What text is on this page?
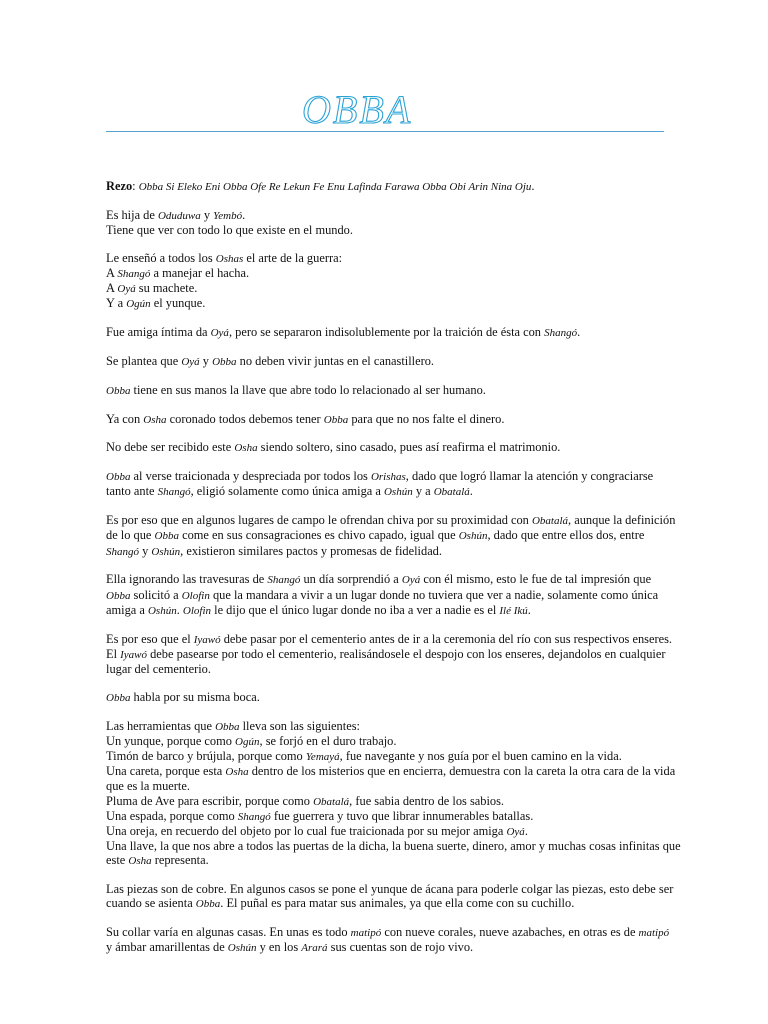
OBBA

Rezo: Obba Si Eleko Eni Obba Ofe Re Lekun Fe Enu Lafinda Farawa Obba Obi Arin Nina Oju.

Es hija de Oduduwa y Yembó.
Tiene que ver con todo lo que existe en el mundo.

Le enseñó a todos los Oshas el arte de la guerra:
A Shangó a manejar el hacha.
A Oyá su machete.
Y a Ogún el yunque.

Fue amiga íntima da Oyá, pero se separaron indisolublemente por la traición de ésta con Shangó.

Se plantea que Oyá y Obba no deben vivir juntas en el canastillero.

Obba tiene en sus manos la llave que abre todo lo relacionado al ser humano.

Ya con Osha coronado todos debemos tener Obba para que no nos falte el dinero.

No debe ser recibido este Osha siendo soltero, sino casado, pues así reafirma el matrimonio.

Obba al verse traicionada y despreciada por todos los Orishas, dado que logró llamar la atención y congraciarse
tanto ante Shangó, eligió solamente como única amiga a Oshún y a Obatalá.

Es por eso que en algunos lugares de campo le ofrendan chiva por su proximidad con Obatalá, aunque la definición
de lo que Obba come en sus consagraciones es chivo capado, igual que Oshún, dado que entre ellos dos, entre
Shangó y Oshún, existieron similares pactos y promesas de fidelidad.

Ella ignorando las travesuras de Shangó un día sorprendió a Oyá con él mismo, esto le fue de tal impresión que
Obba solicitó a Olofin que la mandara a vivir a un lugar donde no tuviera que ver a nadie, solamente como única
amiga a Oshún. Olofin le dijo que el único lugar donde no iba a ver a nadie es el Ilé Ikú.

Es por eso que el Iyawó debe pasar por el cementerio antes de ir a la ceremonia del río con sus respectivos enseres.
El Iyawó debe pasearse por todo el cementerio, realisándosele el despojo con los enseres, dejandolos en cualquier
lugar del cementerio.

Obba habla por su misma boca.

Las herramientas que Obba lleva son las siguientes:
Un yunque, porque como Ogún, se forjó en el duro trabajo.
Timón de barco y brújula, porque como Yemayá, fue navegante y nos guía por el buen camino en la vida.
Una careta, porque esta Osha dentro de los misterios que en encierra, demuestra con la careta la otra cara de la vida
que es la muerte.
Pluma de Ave para escribir, porque como Obatalá, fue sabia dentro de los sabios.
Una espada, porque como Shangó fue guerrera y tuvo que librar innumerables batallas.
Una oreja, en recuerdo del objeto por lo cual fue traicionada por su mejor amiga Oyá.
Una llave, la que nos abre a todos las puertas de la dicha, la buena suerte, dinero, amor y muchas cosas infinitas que
este Osha representa.

Las piezas son de cobre. En algunos casos se pone el yunque de ácana para poderle colgar las piezas, esto debe ser
cuando se asienta Obba. El puñal es para matar sus animales, ya que ella come con su cuchillo.

Su collar varía en algunas casas. En unas es todo matipó con nueve corales, nueve azabaches, en otras es de matipó
y ámbar amarillentas de Oshún y en los Arará sus cuentas son de rojo vivo.
